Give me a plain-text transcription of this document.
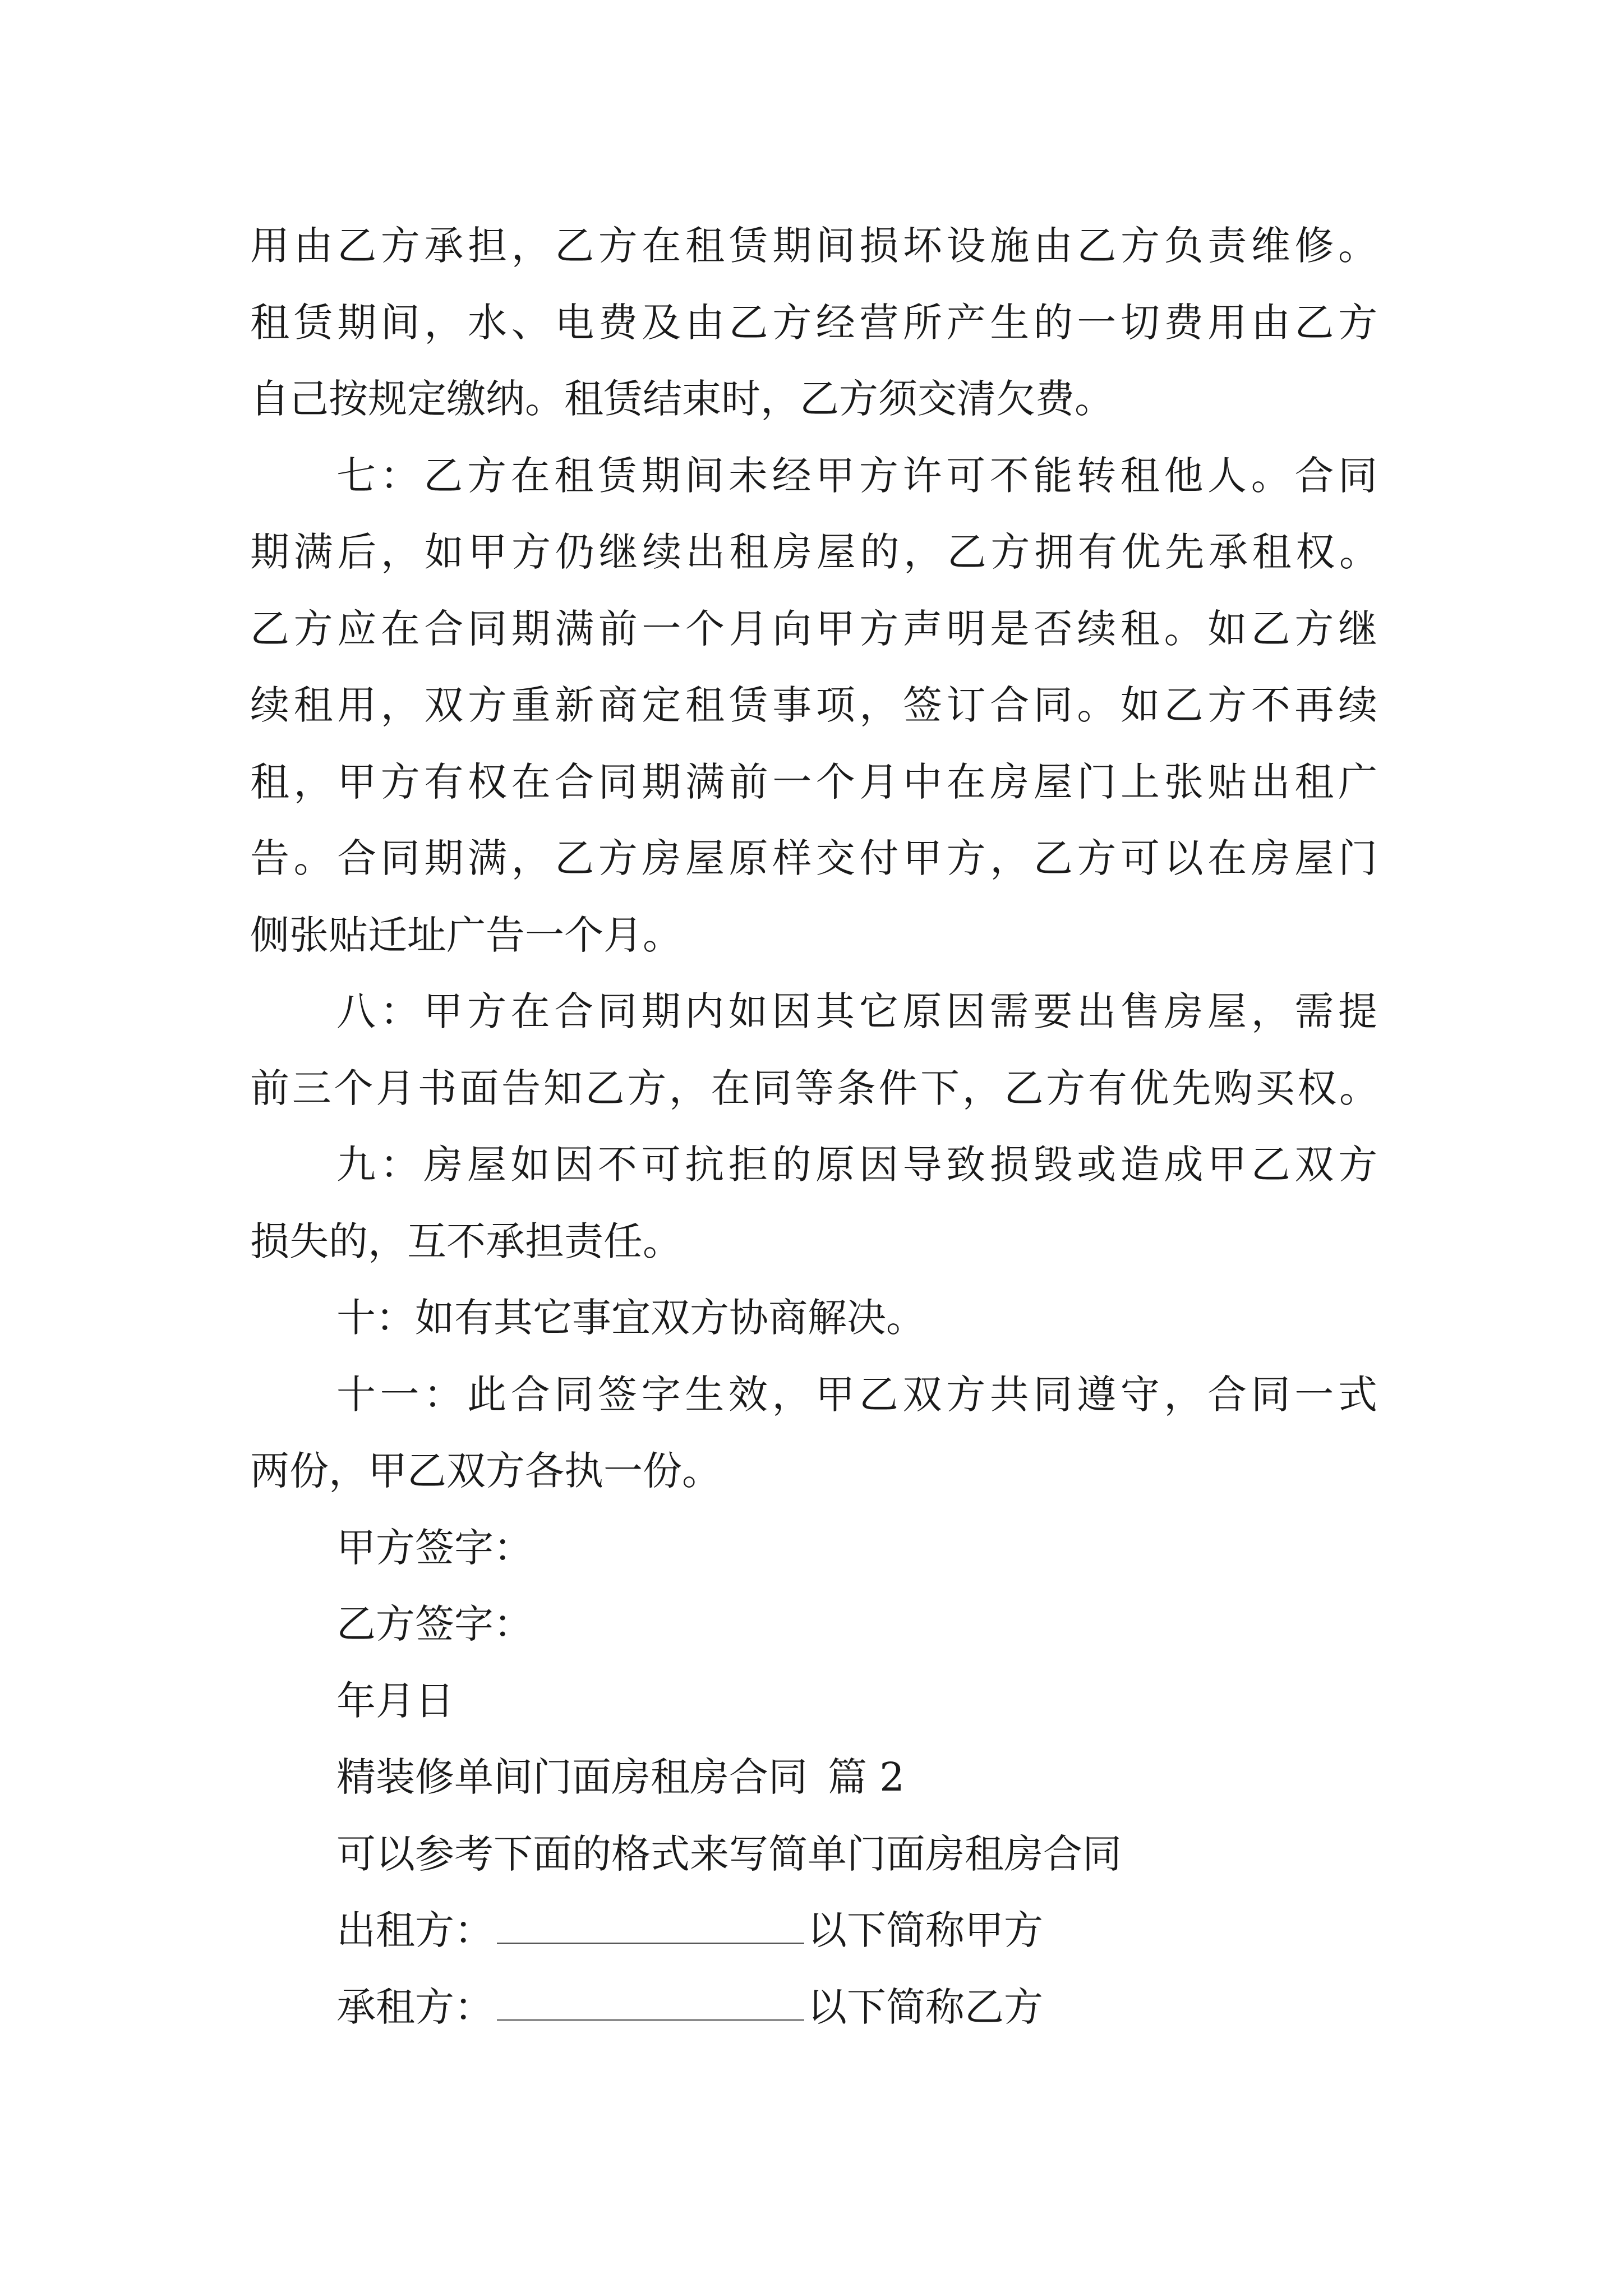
用由乙方承担，乙方在租赁期间损坏设施由乙方负责维修。
租赁期间，水、电费及由乙方经营所产生的一切费用由乙方
自己按规定缴纳。租赁结束时，乙方须交清欠费。
七：乙方在租赁期间未经甲方许可不能转租他人。合同
期满后，如甲方仍继续出租房屋的，乙方拥有优先承租权。
乙方应在合同期满前一个月向甲方声明是否续租。如乙方继
续租用，双方重新商定租赁事项，签订合同。如乙方不再续
租，甲方有权在合同期满前一个月中在房屋门上张贴出租广
告。合同期满，乙方房屋原样交付甲方，乙方可以在房屋门
侧张贴迁址广告一个月。
八：甲方在合同期内如因其它原因需要出售房屋，需提
前三个月书面告知乙方，在同等条件下，乙方有优先购买权。
九：房屋如因不可抗拒的原因导致损毁或造成甲乙双方
损失的，互不承担责任。
十：如有其它事宜双方协商解决。
十一：此合同签字生效，甲乙双方共同遵守，合同一式
两份，甲乙双方各执一份。
甲方签字：
乙方签字：
年月日
精装修单间门面房租房合同 篇 2
可以参考下面的格式来写简单门面房租房合同
出租方：	以下简称甲方
承租方：	以下简称乙方
